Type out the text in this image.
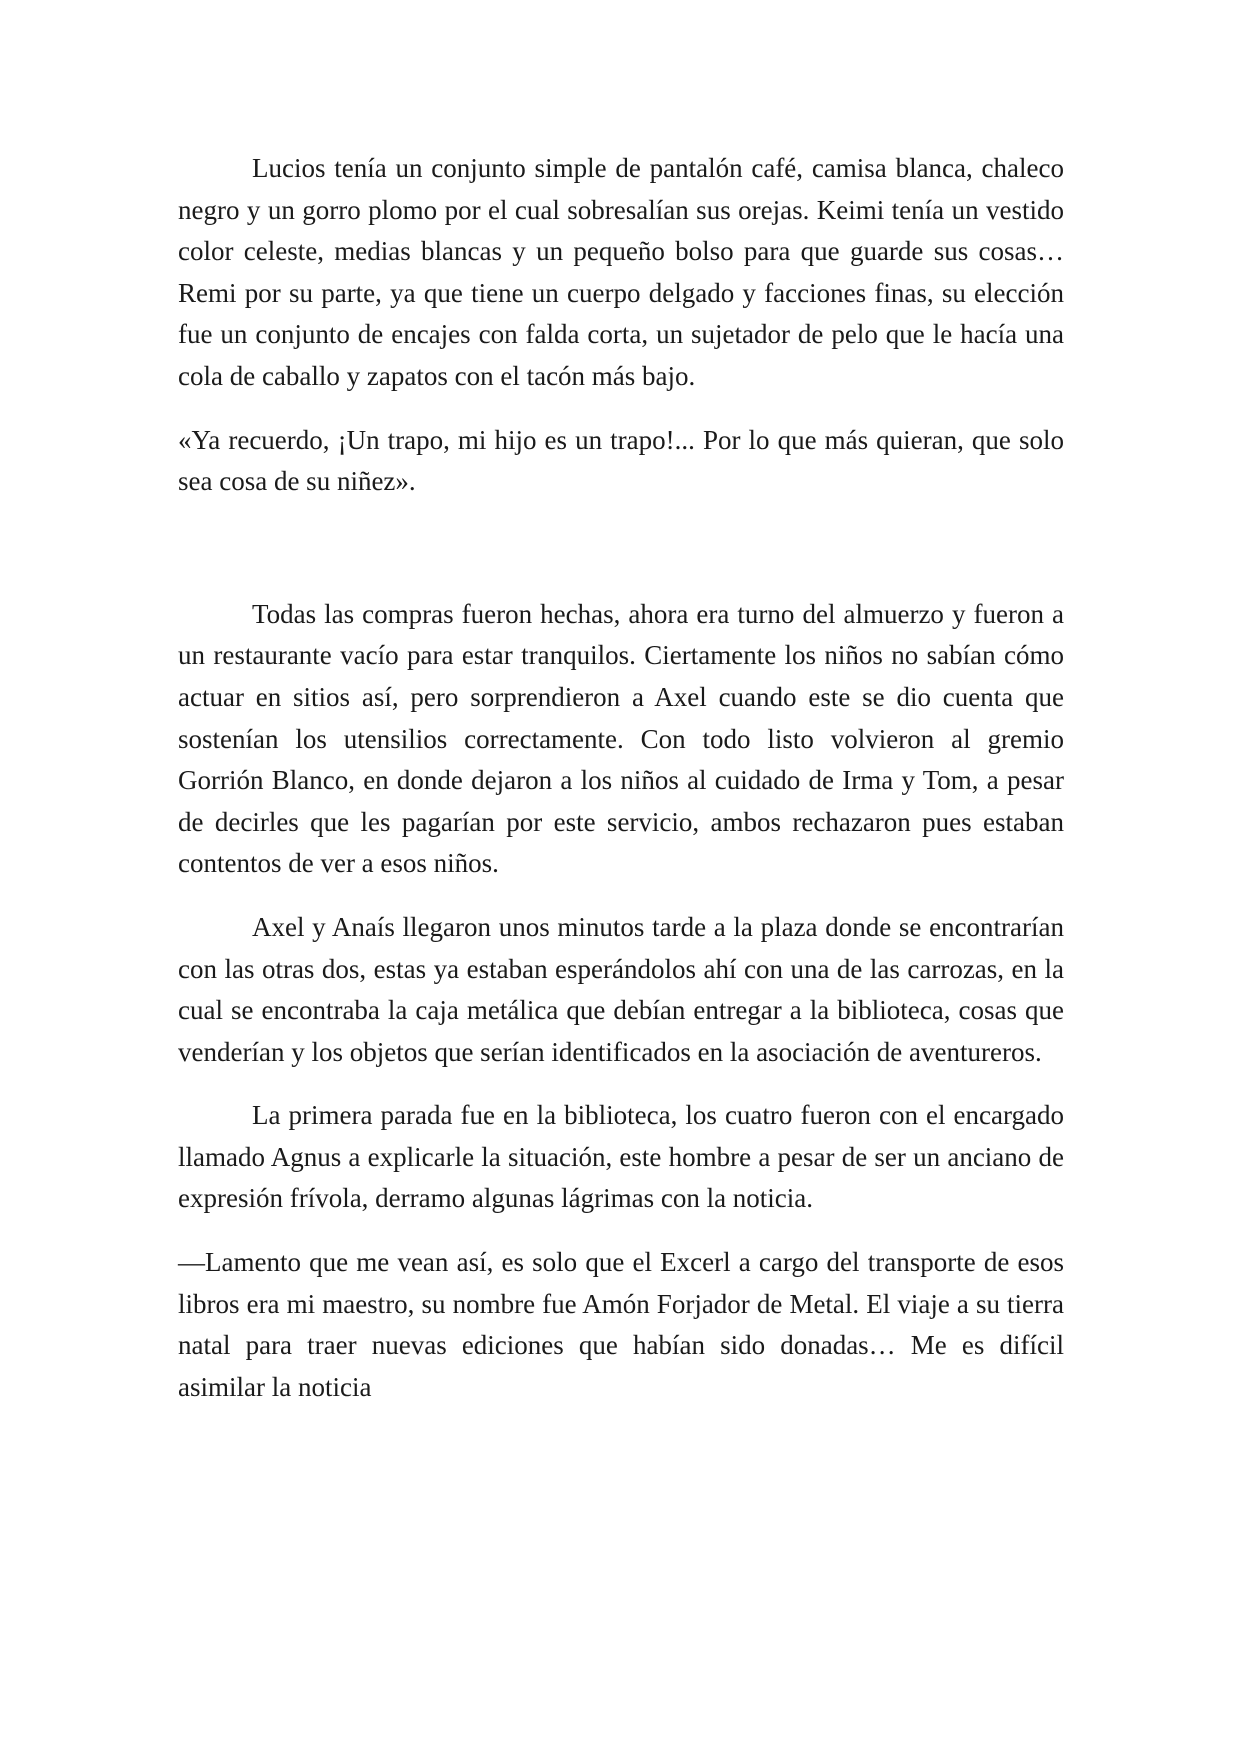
Lucios tenía un conjunto simple de pantalón café, camisa blanca, chaleco negro y un gorro plomo por el cual sobresalían sus orejas. Keimi tenía un vestido color celeste, medias blancas y un pequeño bolso para que guarde sus cosas… Remi por su parte, ya que tiene un cuerpo delgado y facciones finas, su elección fue un conjunto de encajes con falda corta, un sujetador de pelo que le hacía una cola de caballo y zapatos con el tacón más bajo.

«Ya recuerdo, ¡Un trapo, mi hijo es un trapo!... Por lo que más quieran, que solo sea cosa de su niñez».

Todas las compras fueron hechas, ahora era turno del almuerzo y fueron a un restaurante vacío para estar tranquilos. Ciertamente los niños no sabían cómo actuar en sitios así, pero sorprendieron a Axel cuando este se dio cuenta que sostenían los utensilios correctamente. Con todo listo volvieron al gremio Gorrión Blanco, en donde dejaron a los niños al cuidado de Irma y Tom, a pesar de decirles que les pagarían por este servicio, ambos rechazaron pues estaban contentos de ver a esos niños.

Axel y Anaís llegaron unos minutos tarde a la plaza donde se encontrarían con las otras dos, estas ya estaban esperándolos ahí con una de las carrozas, en la cual se encontraba la caja metálica que debían entregar a la biblioteca, cosas que venderían y los objetos que serían identificados en la asociación de aventureros.

La primera parada fue en la biblioteca, los cuatro fueron con el encargado llamado Agnus a explicarle la situación, este hombre a pesar de ser un anciano de expresión frívola, derramo algunas lágrimas con la noticia.

—Lamento que me vean así, es solo que el Excerl a cargo del transporte de esos libros era mi maestro, su nombre fue Amón Forjador de Metal. El viaje a su tierra natal para traer nuevas ediciones que habían sido donadas… Me es difícil asimilar la noticia
